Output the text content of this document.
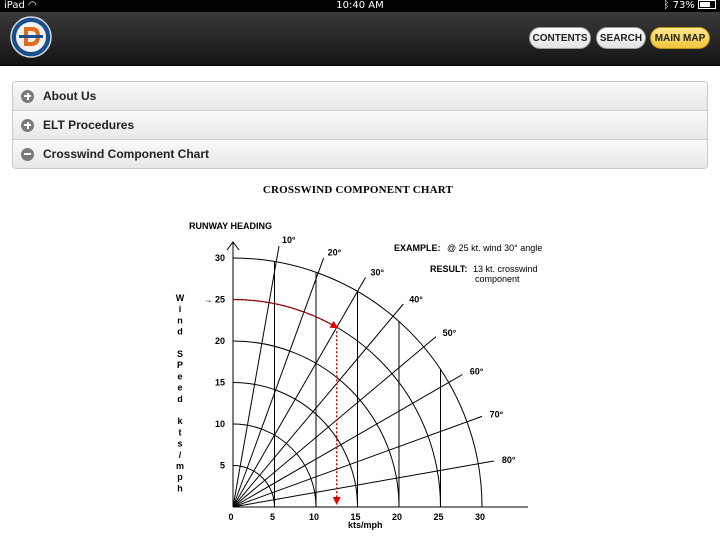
iPad ◠	10:40 AM	ᛒ 73%
CONTENTS	SEARCH	MAIN MAP
About Us
ELT Procedures
Crosswind Component Chart
CROSSWIND COMPONENT CHART
0	5	10	15	20	25	30
5
10
15
20
→ 25
30
10°
20°
30°
40°
50°
60°
70°
80°
RUNWAY HEADING
kts/mph
W
i
n
d
S
P
e
e
d
k
t
s
/
m
p
h
EXAMPLE: @ 25 kt. wind 30° angle
RESULT: 13 kt. crosswind
component
